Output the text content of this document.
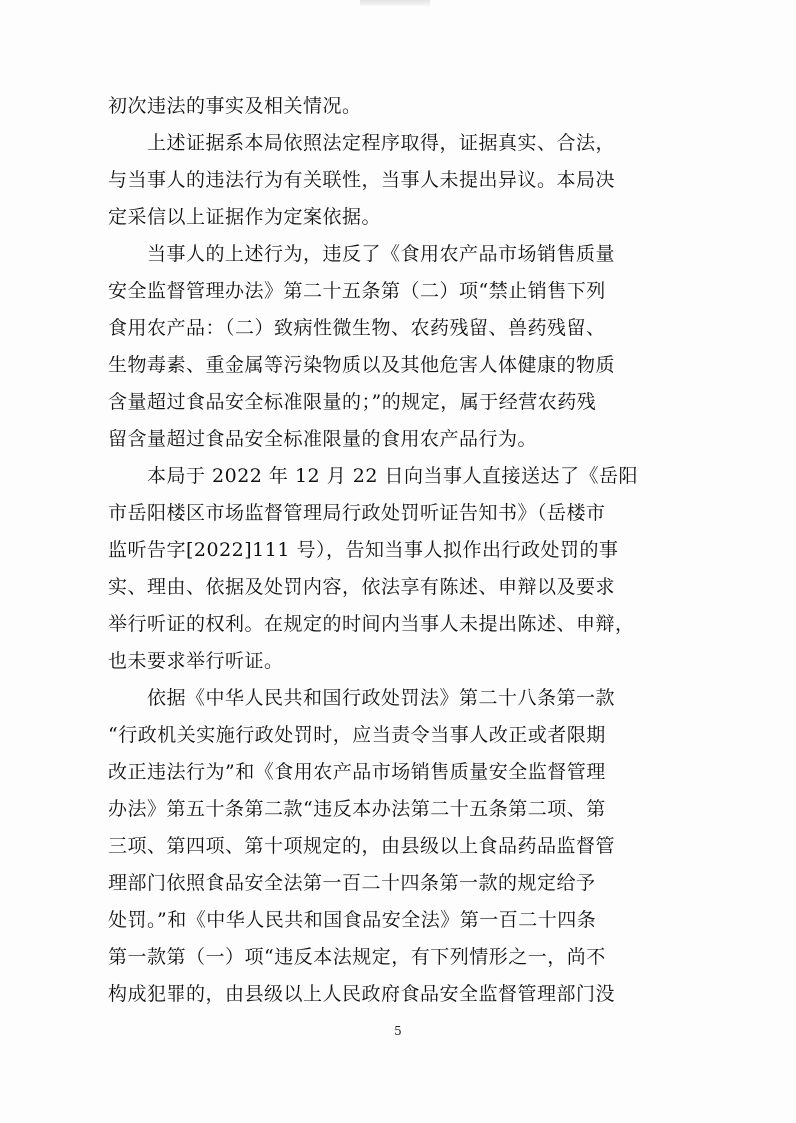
初次违法的事实及相关情况。
　　上述证据系本局依照法定程序取得，证据真实、合法，
与当事人的违法行为有关联性，当事人未提出异议。本局决
定采信以上证据作为定案依据。
　　当事人的上述行为，违反了《食用农产品市场销售质量
安全监督管理办法》第二十五条第（二）项“禁止销售下列
食用农产品：（二）致病性微生物、农药残留、兽药残留、
生物毒素、重金属等污染物质以及其他危害人体健康的物质
含量超过食品安全标准限量的；”的规定，属于经营农药残
留含量超过食品安全标准限量的食用农产品行为。
　　本局于 2022 年 12 月 22 日向当事人直接送达了《岳阳
市岳阳楼区市场监督管理局行政处罚听证告知书》（岳楼市
监听告字[2022]111 号），告知当事人拟作出行政处罚的事
实、理由、依据及处罚内容，依法享有陈述、申辩以及要求
举行听证的权利。在规定的时间内当事人未提出陈述、申辩，
也未要求举行听证。
　　依据《中华人民共和国行政处罚法》第二十八条第一款
“行政机关实施行政处罚时，应当责令当事人改正或者限期
改正违法行为”和《食用农产品市场销售质量安全监督管理
办法》第五十条第二款“违反本办法第二十五条第二项、第
三项、第四项、第十项规定的，由县级以上食品药品监督管
理部门依照食品安全法第一百二十四条第一款的规定给予
处罚。”和《中华人民共和国食品安全法》第一百二十四条
第一款第（一）项“违反本法规定，有下列情形之一，尚不
构成犯罪的，由县级以上人民政府食品安全监督管理部门没
5
